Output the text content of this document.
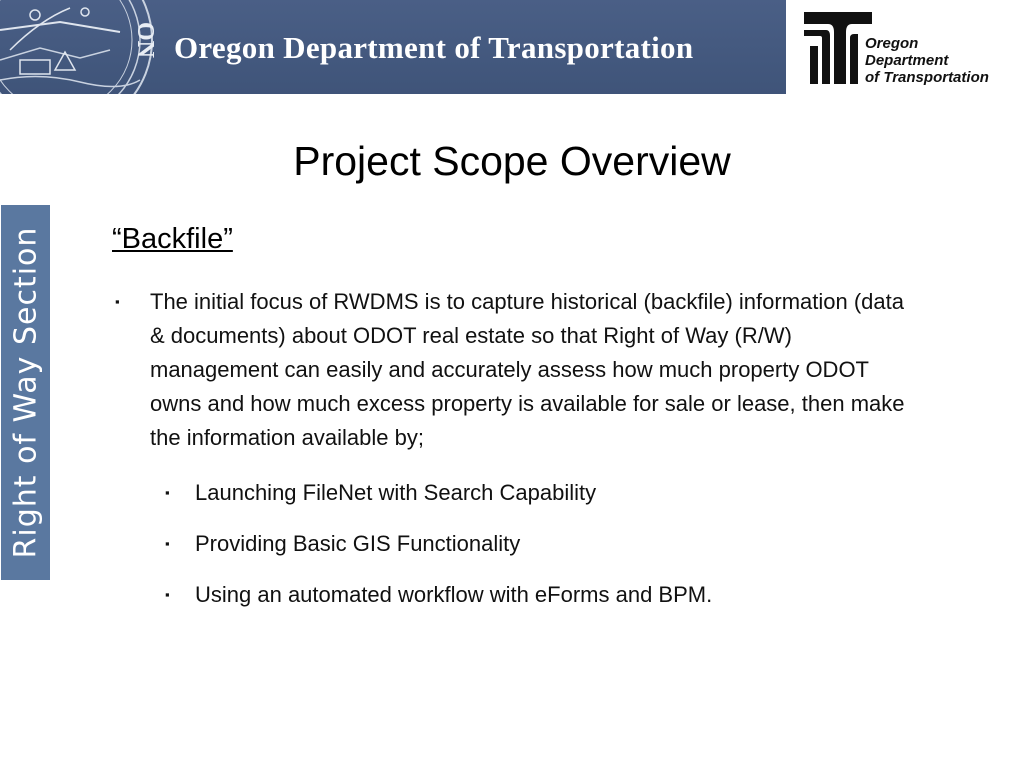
ON Oregon Department of Transportation	Oregon
Department
of Transportation
Project Scope Overview
Right of Way Section “Backfile”
▪ The initial focus of RWDMS is to capture historical (backfile) information (data & documents) about ODOT real estate so that Right of Way (R/W) management can easily and accurately assess how much property ODOT owns and how much excess property is available for sale or lease, then make the information available by;
▪ Launching FileNet with Search Capability
▪ Providing Basic GIS Functionality
▪ Using an automated workflow with eForms and BPM.
